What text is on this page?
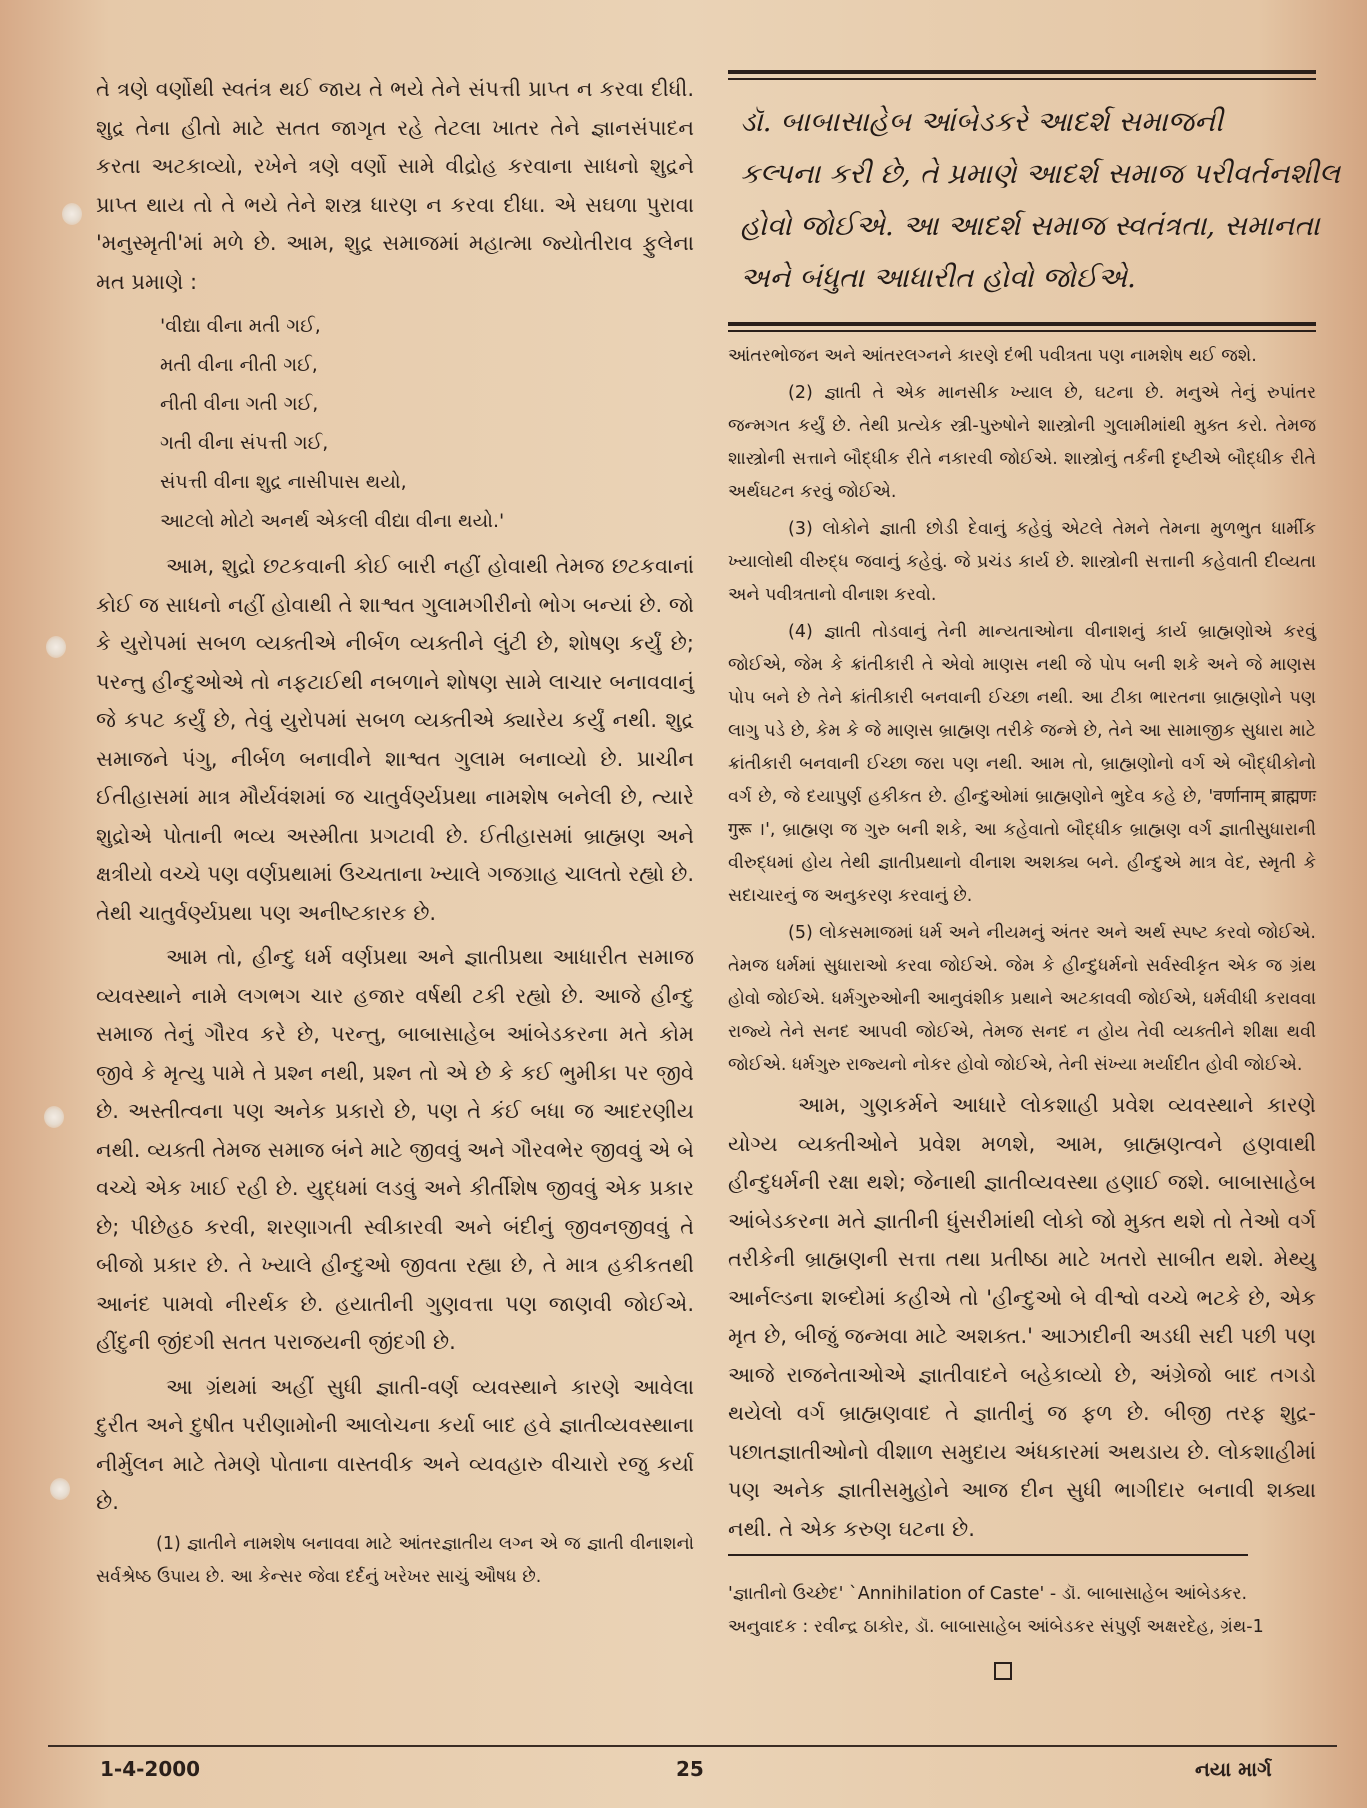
તે ત્રણે વર્ણોથી સ્વતંત્ર થઈ જાય તે ભયે તેને સંપત્તી પ્રાપ્ત ન કરવા દીધી. શુદ્ર તેના હીતો માટે સતત જાગૃત રહે તેટલા ખાતર તેને જ્ઞાનસંપાદન કરતા અટકાવ્યો, રખેને ત્રણે વર્ણો સામે વીદ્રોહ કરવાના સાધનો શુદ્રને પ્રાપ્ત થાય તો તે ભયે તેને શસ્ત્ર ધારણ ન કરવા દીધા. એ સઘળા પુરાવા 'મનુસ્મૃતી'માં મળે છે. આમ, શુદ્ર સમાજમાં મહાત્મા જ્યોતીરાવ ફુલેના મત પ્રમાણે :

'વીદ્યા વીના મતી ગઈ,
મતી વીના નીતી ગઈ,
નીતી વીના ગતી ગઈ,
ગતી વીના સંપત્તી ગઈ,
સંપત્તી વીના શુદ્ર નાસીપાસ થયો,
આટલો મોટો અનર્થ એકલી વીદ્યા વીના થયો.'

આમ, શુદ્રો છટકવાની કોઈ બારી નહીં હોવાથી તેમજ છટકવાનાં કોઈ જ સાધનો નહીં હોવાથી તે શાશ્વત ગુલામગીરીનો ભોગ બન્યાં છે. જો કે યુરોપમાં સબળ વ્યક્તીએ નીર્બળ વ્યક્તીને લુંટી છે, શોષણ કર્યું છે; પરન્તુ હીન્દુઓએ તો નફટાઈથી નબળાને શોષણ સામે લાચાર બનાવવાનું જે કપટ કર્યું છે, તેવું યુરોપમાં સબળ વ્યક્તીએ ક્યારેય કર્યું નથી. શુદ્ર સમાજને પંગુ, નીર્બળ બનાવીને શાશ્વત ગુલામ બનાવ્યો છે. પ્રાચીન ઈતીહાસમાં માત્ર મૌર્યવંશમાં જ ચાતુર્વર્ણ્યપ્રથા નામશેષ બનેલી છે, ત્યારે શુદ્રોએ પોતાની ભવ્ય અસ્મીતા પ્રગટાવી છે. ઈતીહાસમાં બ્રાહ્મણ અને ક્ષત્રીયો વચ્ચે પણ વર્ણપ્રથામાં ઉચ્ચતાના ખ્યાલે ગજગ્રાહ ચાલતો રહ્યો છે. તેથી ચાતુર્વર્ણ્યપ્રથા પણ અનીષ્ટકારક છે.

આમ તો, હીન્દુ ધર્મ વર્ણપ્રથા અને જ્ઞાતીપ્રથા આધારીત સમાજ વ્યવસ્થાને નામે લગભગ ચાર હજાર વર્ષથી ટકી રહ્યો છે. આજે હીન્દુ સમાજ તેનું ગૌરવ કરે છે, પરન્તુ, બાબાસાહેબ આંબેડકરના મતે કોમ જીવે કે મૃત્યુ પામે તે પ્રશ્ન નથી, પ્રશ્ન તો એ છે કે કઈ ભુમીકા પર જીવે છે. અસ્તીત્વના પણ અનેક પ્રકારો છે, પણ તે કંઈ બધા જ આદરણીય નથી. વ્યક્તી તેમજ સમાજ બંને માટે જીવવું અને ગૌરવભેર જીવવું એ બે વચ્ચે એક ખાઈ રહી છે. યુદ્ધમાં લડવું અને કીર્તીશેષ જીવવું એક પ્રકાર છે; પીછેહઠ કરવી, શરણાગતી સ્વીકારવી અને બંદીનું જીવનજીવવું તે બીજો પ્રકાર છે. તે ખ્યાલે હીન્દુઓ જીવતા રહ્યા છે, તે માત્ર હકીકતથી આનંદ પામવો નીરર્થક છે. હયાતીની ગુણવત્તા પણ જાણવી જોઈએ. હીંદુની જીંદગી સતત પરાજયની જીંદગી છે.

આ ગ્રંથમાં અહીં સુધી જ્ઞાતી-વર્ણ વ્યવસ્થાને કારણે આવેલા દુરીત અને દુષીત પરીણામોની આલોચના કર્યા બાદ હવે જ્ઞાતીવ્યવસ્થાના નીર્મુલન માટે તેમણે પોતાના વાસ્તવીક અને વ્યવહારુ વીચારો રજુ કર્યા છે.

(1) જ્ઞાતીને નામશેષ બનાવવા માટે આંતરજ્ઞાતીય લગ્ન એ જ જ્ઞાતી વીનાશનો સર્વશ્રેષ્ઠ ઉપાય છે. આ કેન્સર જેવા દર્દનું ખરેખર સાચું ઔષધ છે.

ડૉ. બાબાસાહેબ આંબેડકરે આદર્શ સમાજની
કલ્પના કરી છે, તે પ્રમાણે આદર્શ સમાજ પરીવર્તનશીલ
હોવો જોઈએ. આ આદર્શ સમાજ સ્વતંત્રતા, સમાનતા
અને બંધુતા આધારીત હોવો જોઈએ.

આંતરભોજન અને આંતરલગ્નને કારણે દંભી પવીત્રતા પણ નામશેષ થઈ જશે.

(2) જ્ઞાતી તે એક માનસીક ખ્યાલ છે, ઘટના છે. મનુએ તેનું રુપાંતર જન્મગત કર્યું છે. તેથી પ્રત્યેક સ્ત્રી-પુરુષોને શાસ્ત્રોની ગુલામીમાંથી મુક્ત કરો. તેમજ શાસ્ત્રોની સત્તાને બૌદ્ધીક રીતે નકારવી જોઈએ. શાસ્ત્રોનું તર્કની દૃષ્ટીએ બૌદ્ધીક રીતે અર્થઘટન કરવું જોઈએ.

(3) લોકોને જ્ઞાતી છોડી દેવાનું કહેવું એટલે તેમને તેમના મુળભુત ધાર્મીક ખ્યાલોથી વીરુદ્ધ જવાનું કહેવું. જે પ્રચંડ કાર્ય છે. શાસ્ત્રોની સત્તાની કહેવાતી દીવ્યતા અને પવીત્રતાનો વીનાશ કરવો.

(4) જ્ઞાતી તોડવાનું તેની માન્યતાઓના વીનાશનું કાર્ય બ્રાહ્મણોએ કરવું જોઈએ, જેમ કે ક્રાંતીકારી તે એવો માણસ નથી જે પોપ બની શકે અને જે માણસ પોપ બને છે તેને ક્રાંતીકારી બનવાની ઈચ્છા નથી. આ ટીકા ભારતના બ્રાહ્મણોને પણ લાગુ પડે છે, કેમ કે જે માણસ બ્રાહ્મણ તરીકે જન્મે છે, તેને આ સામાજીક સુધારા માટે ક્રાંતીકારી બનવાની ઈચ્છા જરા પણ નથી. આમ તો, બ્રાહ્મણોનો વર્ગ એ બૌદ્ધીકોનો વર્ગ છે, જે દયાપુર્ણ હકીકત છે. હીન્દુઓમાં બ્રાહ્મણોને ભુદેવ કહે છે, 'वर्णानाम् ब्राह्मणः गुरू ।', બ્રાહ્મણ જ ગુરુ બની શકે, આ કહેવાતો બૌદ્ધીક બ્રાહ્મણ વર્ગ જ્ઞાતીસુધારાની વીરુદ્ધમાં હોય તેથી જ્ઞાતીપ્રથાનો વીનાશ અશક્ય બને. હીન્દુએ માત્ર વેદ, સ્મૃતી કે સદાચારનું જ અનુકરણ કરવાનું છે.

(5) લોકસમાજમાં ધર્મ અને નીયમનું અંતર અને અર્થ સ્પષ્ટ કરવો જોઈએ. તેમજ ધર્મમાં સુધારાઓ કરવા જોઈએ. જેમ કે હીન્દુધર્મનો સર્વસ્વીકૃત એક જ ગ્રંથ હોવો જોઈએ. ધર્મગુરુઓની આનુવંશીક પ્રથાને અટકાવવી જોઈએ, ધર્મવીધી કરાવવા રાજ્યે તેને સનદ આપવી જોઈએ, તેમજ સનદ ન હોય તેવી વ્યક્તીને શીક્ષા થવી જોઈએ. ધર્મગુરુ રાજ્યનો નોકર હોવો જોઈએ, તેની સંખ્યા મર્યાદીત હોવી જોઈએ.

આમ, ગુણકર્મને આધારે લોકશાહી પ્રવેશ વ્યવસ્થાને કારણે યોગ્ય વ્યક્તીઓને પ્રવેશ મળશે, આમ, બ્રાહ્મણત્વને હણવાથી હીન્દુધર્મની રક્ષા થશે; જેનાથી જ્ઞાતીવ્યવસ્થા હણાઈ જશે. બાબાસાહેબ આંબેડકરના મતે જ્ઞાતીની ધુંસરીમાંથી લોકો જો મુક્ત થશે તો તેઓ વર્ગ તરીકેની બ્રાહ્મણની સત્તા તથા પ્રતીષ્ઠા માટે ખતરો સાબીત થશે. મેથ્યુ આર્નલ્ડના શબ્દોમાં કહીએ તો 'હીન્દુઓ બે વીશ્વો વચ્ચે ભટકે છે, એક મૃત છે, બીજું જન્મવા માટે અશક્ત.' આઝાદીની અડધી સદી પછી પણ આજે રાજનેતાઓએ જ્ઞાતીવાદને બહેકાવ્યો છે, અંગ્રેજો બાદ તગડો થયેલો વર્ગ બ્રાહ્મણવાદ તે જ્ઞાતીનું જ ફળ છે. બીજી તરફ શુદ્ર-પછાતજ્ઞાતીઓનો વીશાળ સમુદાય અંધકારમાં અથડાય છે. લોકશાહીમાં પણ અનેક જ્ઞાતીસમુહોને આજ દીન સુધી ભાગીદાર બનાવી શક્યા નથી. તે એક કરુણ ઘટના છે.

'જ્ઞાતીનો ઉચ્છેદ' `Annihilation of Caste' - ડૉ. બાબાસાહેબ આંબેડકર. અનુવાદક : રવીન્દ્ર ઠાકોર, ડૉ. બાબાસાહેબ આંબેડકર સંપુર્ણ અક્ષરદેહ, ગ્રંથ-1

1-4-2000	25	નયા માર્ગ
